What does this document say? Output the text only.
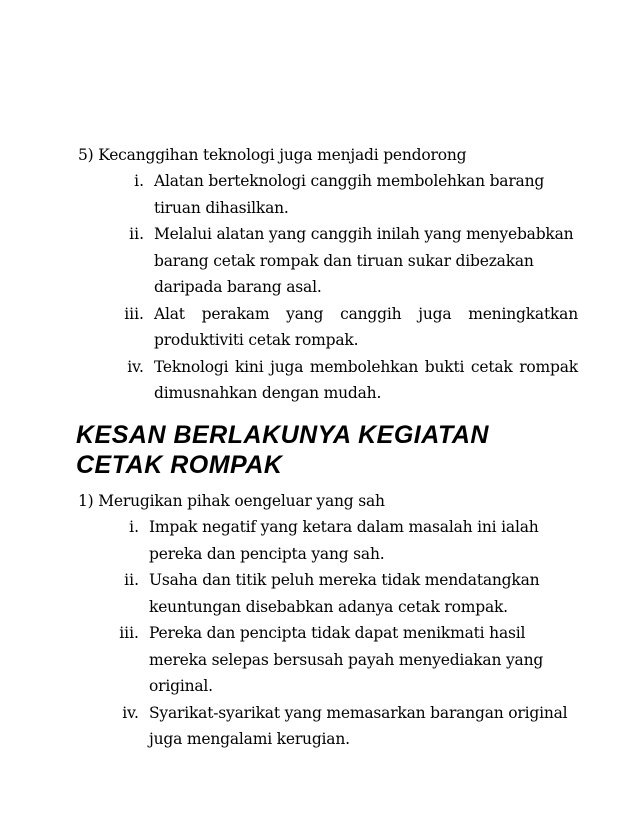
5) Kecanggihan teknologi juga menjadi pendorong
i. Alatan berteknologi canggih membolehkan barang tiruan dihasilkan.
ii. Melalui alatan yang canggih inilah yang menyebabkan barang cetak rompak dan tiruan sukar dibezakan daripada barang asal.
iii. Alat perakam yang canggih juga meningkatkan produktiviti cetak rompak.
iv. Teknologi kini juga membolehkan bukti cetak rompak dimusnahkan dengan mudah.
KESAN BERLAKUNYA KEGIATAN CETAK ROMPAK
1) Merugikan pihak oengeluar yang sah
i. Impak negatif yang ketara dalam masalah ini ialah pereka dan pencipta yang sah.
ii. Usaha dan titik peluh mereka tidak mendatangkan keuntungan disebabkan adanya cetak rompak.
iii. Pereka dan pencipta tidak dapat menikmati hasil mereka selepas bersusah payah menyediakan yang original.
iv. Syarikat-syarikat yang memasarkan barangan original juga mengalami kerugian.
